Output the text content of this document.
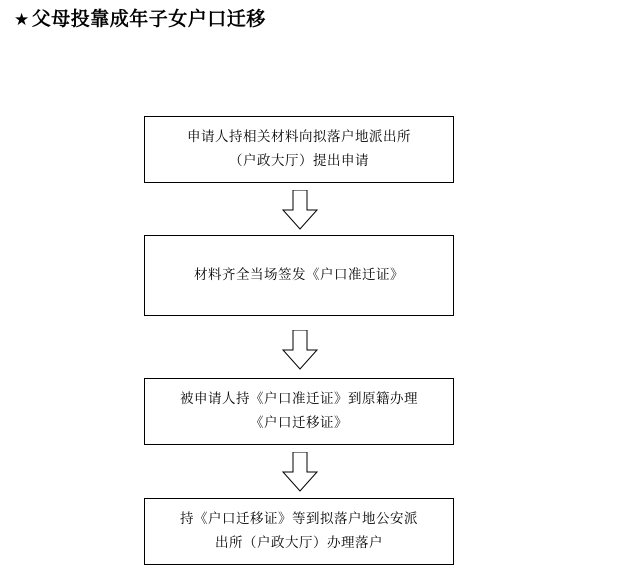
★ 父母投靠成年子女户口迁移
申请人持相关材料向拟落户地派出所
（户政大厅）提出申请
材料齐全当场签发《户口准迁证》
被申请人持《户口准迁证》到原籍办理
《户口迁移证》
持《户口迁移证》等到拟落户地公安派
出所（户政大厅）办理落户
